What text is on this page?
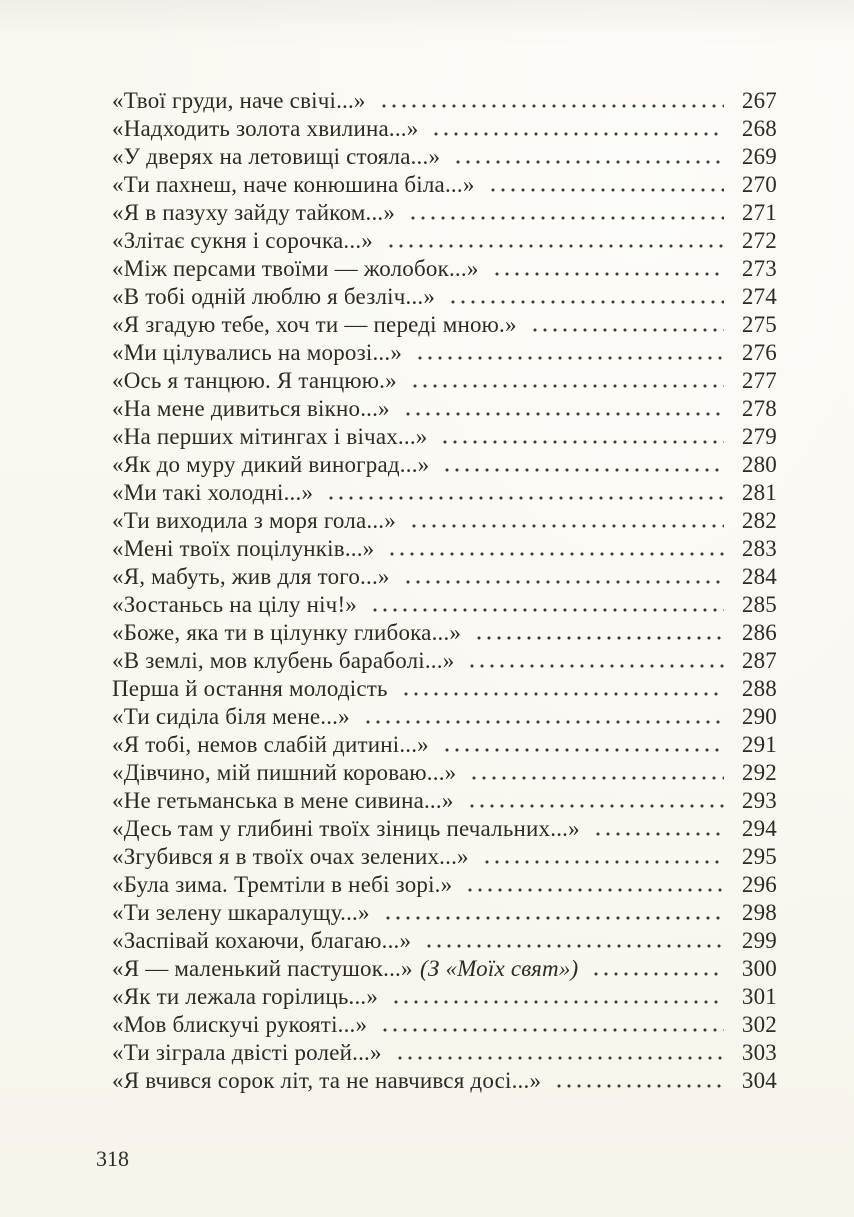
«Твої груди, наче свічі...»	267
«Надходить золота хвилина...»	268
«У дверях на летовищі стояла...»	269
«Ти пахнеш, наче конюшина біла...»	270
«Я в пазуху зайду тайком...»	271
«Злітає сукня і сорочка...»	272
«Між персами твоїми — жолобок...»	273
«В тобі одній люблю я безліч...»	274
«Я згадую тебе, хоч ти — переді мною.»	275
«Ми цілувались на морозі...»	276
«Ось я танцюю. Я танцюю.»	277
«На мене дивиться вікно...»	278
«На перших мітингах і вічах...»	279
«Як до муру дикий виноград...»	280
«Ми такі холодні...»	281
«Ти виходила з моря гола...»	282
«Мені твоїх поцілунків...»	283
«Я, мабуть, жив для того...»	284
«Зостаньсь на цілу ніч!»	285
«Боже, яка ти в цілунку глибока...»	286
«В землі, мов клубень бараболі...»	287
Перша й остання молодість	288
«Ти сиділа біля мене...»	290
«Я тобі, немов слабій дитині...»	291
«Дівчино, мій пишний короваю...»	292
«Не гетьманська в мене сивина...»	293
«Десь там у глибині твоїх зіниць печальних...»	294
«Згубився я в твоїх очах зелених...»	295
«Була зима. Тремтіли в небі зорі.»	296
«Ти зелену шкаралущу...»	298
«Заспівай кохаючи, благаю...»	299
«Я — маленький пастушок...» (З «Моїх свят»)	300
«Як ти лежала горілиць...»	301
«Мов блискучі рукояті...»	302
«Ти зіграла двісті ролей...»	303
«Я вчився сорок літ, та не навчився досі...»	304
318
